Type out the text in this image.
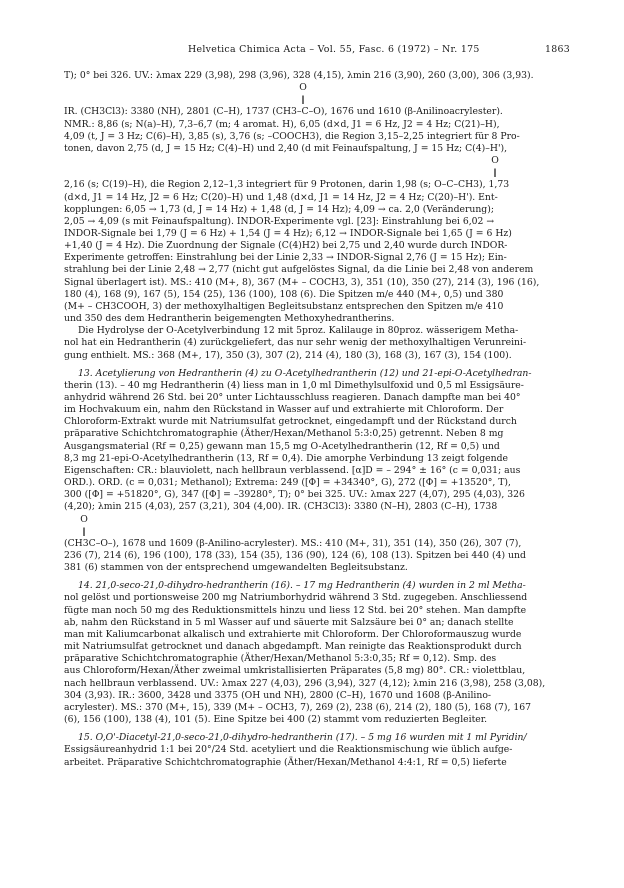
Helvetica Chimica Acta – Vol. 55, Fasc. 6 (1972) – Nr. 175	1863

T); 0° bei 326. UV.: λmax 229 (3,98), 298 (3,96), 328 (4,15), λmin 216 (3,90), 260 (3,00), 306 (3,93).

O
‖

IR. (CH3Cl3): 3380 (NH), 2801 (C–H), 1737 (CH3–C–O), 1676 und 1610 (β-Anilinoacrylester).

NMR.: 8,86 (s; N(a)–H), 7,3–6,7 (m; 4 aromat. H), 6,05 (d×d, J1 = 6 Hz, J2 = 4 Hz; C(21)–H),

4,09 (t, J = 3 Hz; C(6)–H), 3,85 (s), 3,76 (s; –COOCH3), die Region 3,15–2,25 integriert für 8 Pro-

tonen, davon 2,75 (d, J = 15 Hz; C(4)–H) und 2,40 (d mit Feinaufspaltung, J = 15 Hz; C(4)–H'),

O
‖

2,16 (s; C(19)–H), die Region 2,12–1,3 integriert für 9 Protonen, darin 1,98 (s; O–C–CH3), 1,73

(d×d, J1 = 14 Hz, J2 = 6 Hz; C(20)–H) und 1,48 (d×d, J1 = 14 Hz, J2 = 4 Hz; C(20)–H'). Ent-

kopplungen: 6,05 → 1,73 (d, J = 14 Hz) + 1,48 (d, J = 14 Hz); 4,09 → ca. 2,0 (Veränderung);

2,05 → 4,09 (s mit Feinaufspaltung). INDOR-Experimente vgl. [23]: Einstrahlung bei 6,02 →

INDOR-Signale bei 1,79 (J = 6 Hz) + 1,54 (J = 4 Hz); 6,12 → INDOR-Signale bei 1,65 (J = 6 Hz)

+1,40 (J = 4 Hz). Die Zuordnung der Signale (C(4)H2) bei 2,75 und 2,40 wurde durch INDOR-

Experimente getroffen: Einstrahlung bei der Linie 2,33 → INDOR-Signal 2,76 (J = 15 Hz); Ein-

strahlung bei der Linie 2,48 → 2,77 (nicht gut aufgelöstes Signal, da die Linie bei 2,48 von anderem

Signal überlagert ist). MS.: 410 (M+, 8), 367 (M+ – COCH3, 3), 351 (10), 350 (27), 214 (3), 196 (16),

180 (4), 168 (9), 167 (5), 154 (25), 136 (100), 108 (6). Die Spitzen m/e 440 (M+, 0,5) und 380

(M+ – CH3COOH, 3) der methoxylhaltigen Begleitsubstanz entsprechen den Spitzen m/e 410

und 350 des dem Hedrantherin beigemengten Methoxyhedrantherins.

Die Hydrolyse der O-Acetylverbindung 12 mit 5proz. Kalilauge in 80proz. wässerigem Metha-

nol hat ein Hedrantherin (4) zurückgeliefert, das nur sehr wenig der methoxylhaltigen Verunreini-

gung enthielt. MS.: 368 (M+, 17), 350 (3), 307 (2), 214 (4), 180 (3), 168 (3), 167 (3), 154 (100).

13. Acetylierung von Hedrantherin (4) zu O-Acetylhedrantherin (12) und 21-epi-O-Acetylhedran-

therin (13). – 40 mg Hedrantherin (4) liess man in 1,0 ml Dimethylsulfoxid und 0,5 ml Essigsäure-

anhydrid während 26 Std. bei 20° unter Lichtausschluss reagieren. Danach dampfte man bei 40°

im Hochvakuum ein, nahm den Rückstand in Wasser auf und extrahierte mit Chloroform. Der

Chloroform-Extrakt wurde mit Natriumsulfat getrocknet, eingedampft und der Rückstand durch

präparative Schichtchromatographie (Äther/Hexan/Methanol 5:3:0,25) getrennt. Neben 8 mg

Ausgangsmaterial (Rf = 0,25) gewann man 15,5 mg O-Acetylhedrantherin (12, Rf = 0,5) und

8,3 mg 21-epi-O-Acetylhedrantherin (13, Rf = 0,4). Die amorphe Verbindung 13 zeigt folgende

Eigenschaften: CR.: blauviolett, nach hellbraun verblassend. [α]D = – 294° ± 16° (c = 0,031; aus

ORD.). ORD. (c = 0,031; Methanol); Extrema: 249 ([Φ] = +34340°, G), 272 ([Φ] = +13520°, T),

300 ([Φ] = +51820°, G), 347 ([Φ] = –39280°, T); 0° bei 325. UV.: λmax 227 (4,07), 295 (4,03), 326

(4,20); λmin 215 (4,03), 257 (3,21), 304 (4,00). IR. (CH3Cl3): 3380 (N–H), 2803 (C–H), 1738

O
‖

(CH3C–O–), 1678 und 1609 (β-Anilino-acrylester). MS.: 410 (M+, 31), 351 (14), 350 (26), 307 (7),

236 (7), 214 (6), 196 (100), 178 (33), 154 (35), 136 (90), 124 (6), 108 (13). Spitzen bei 440 (4) und

381 (6) stammen von der entsprechend umgewandelten Begleitsubstanz.

14. 21,0-seco-21,0-dihydro-hedrantherin (16). – 17 mg Hedrantherin (4) wurden in 2 ml Metha-

nol gelöst und portionsweise 200 mg Natriumborhydrid während 3 Std. zugegeben. Anschliessend

fügte man noch 50 mg des Reduktionsmittels hinzu und liess 12 Std. bei 20° stehen. Man dampfte

ab, nahm den Rückstand in 5 ml Wasser auf und säuerte mit Salzsäure bei 0° an; danach stellte

man mit Kaliumcarbonat alkalisch und extrahierte mit Chloroform. Der Chloroformauszug wurde

mit Natriumsulfat getrocknet und danach abgedampft. Man reinigte das Reaktionsprodukt durch

präparative Schichtchromatographie (Äther/Hexan/Methanol 5:3:0,35; Rf = 0,12). Smp. des

aus Chloroform/Hexan/Äther zweimal umkristallisierten Präparates (5,8 mg) 80°. CR.: violettblau,

nach hellbraun verblassend. UV.: λmax 227 (4,03), 296 (3,94), 327 (4,12); λmin 216 (3,98), 258 (3,08),

304 (3,93). IR.: 3600, 3428 und 3375 (OH und NH), 2800 (C–H), 1670 und 1608 (β-Anilino-

acrylester). MS.: 370 (M+, 15), 339 (M+ – OCH3, 7), 269 (2), 238 (6), 214 (2), 180 (5), 168 (7), 167

(6), 156 (100), 138 (4), 101 (5). Eine Spitze bei 400 (2) stammt vom reduzierten Begleiter.

15. O,O'-Diacetyl-21,0-seco-21,0-dihydro-hedrantherin (17). – 5 mg 16 wurden mit 1 ml Pyridin/

Essigsäureanhydrid 1:1 bei 20°/24 Std. acetyliert und die Reaktionsmischung wie üblich aufge-

arbeitet. Präparative Schichtchromatographie (Äther/Hexan/Methanol 4:4:1, Rf = 0,5) lieferte
